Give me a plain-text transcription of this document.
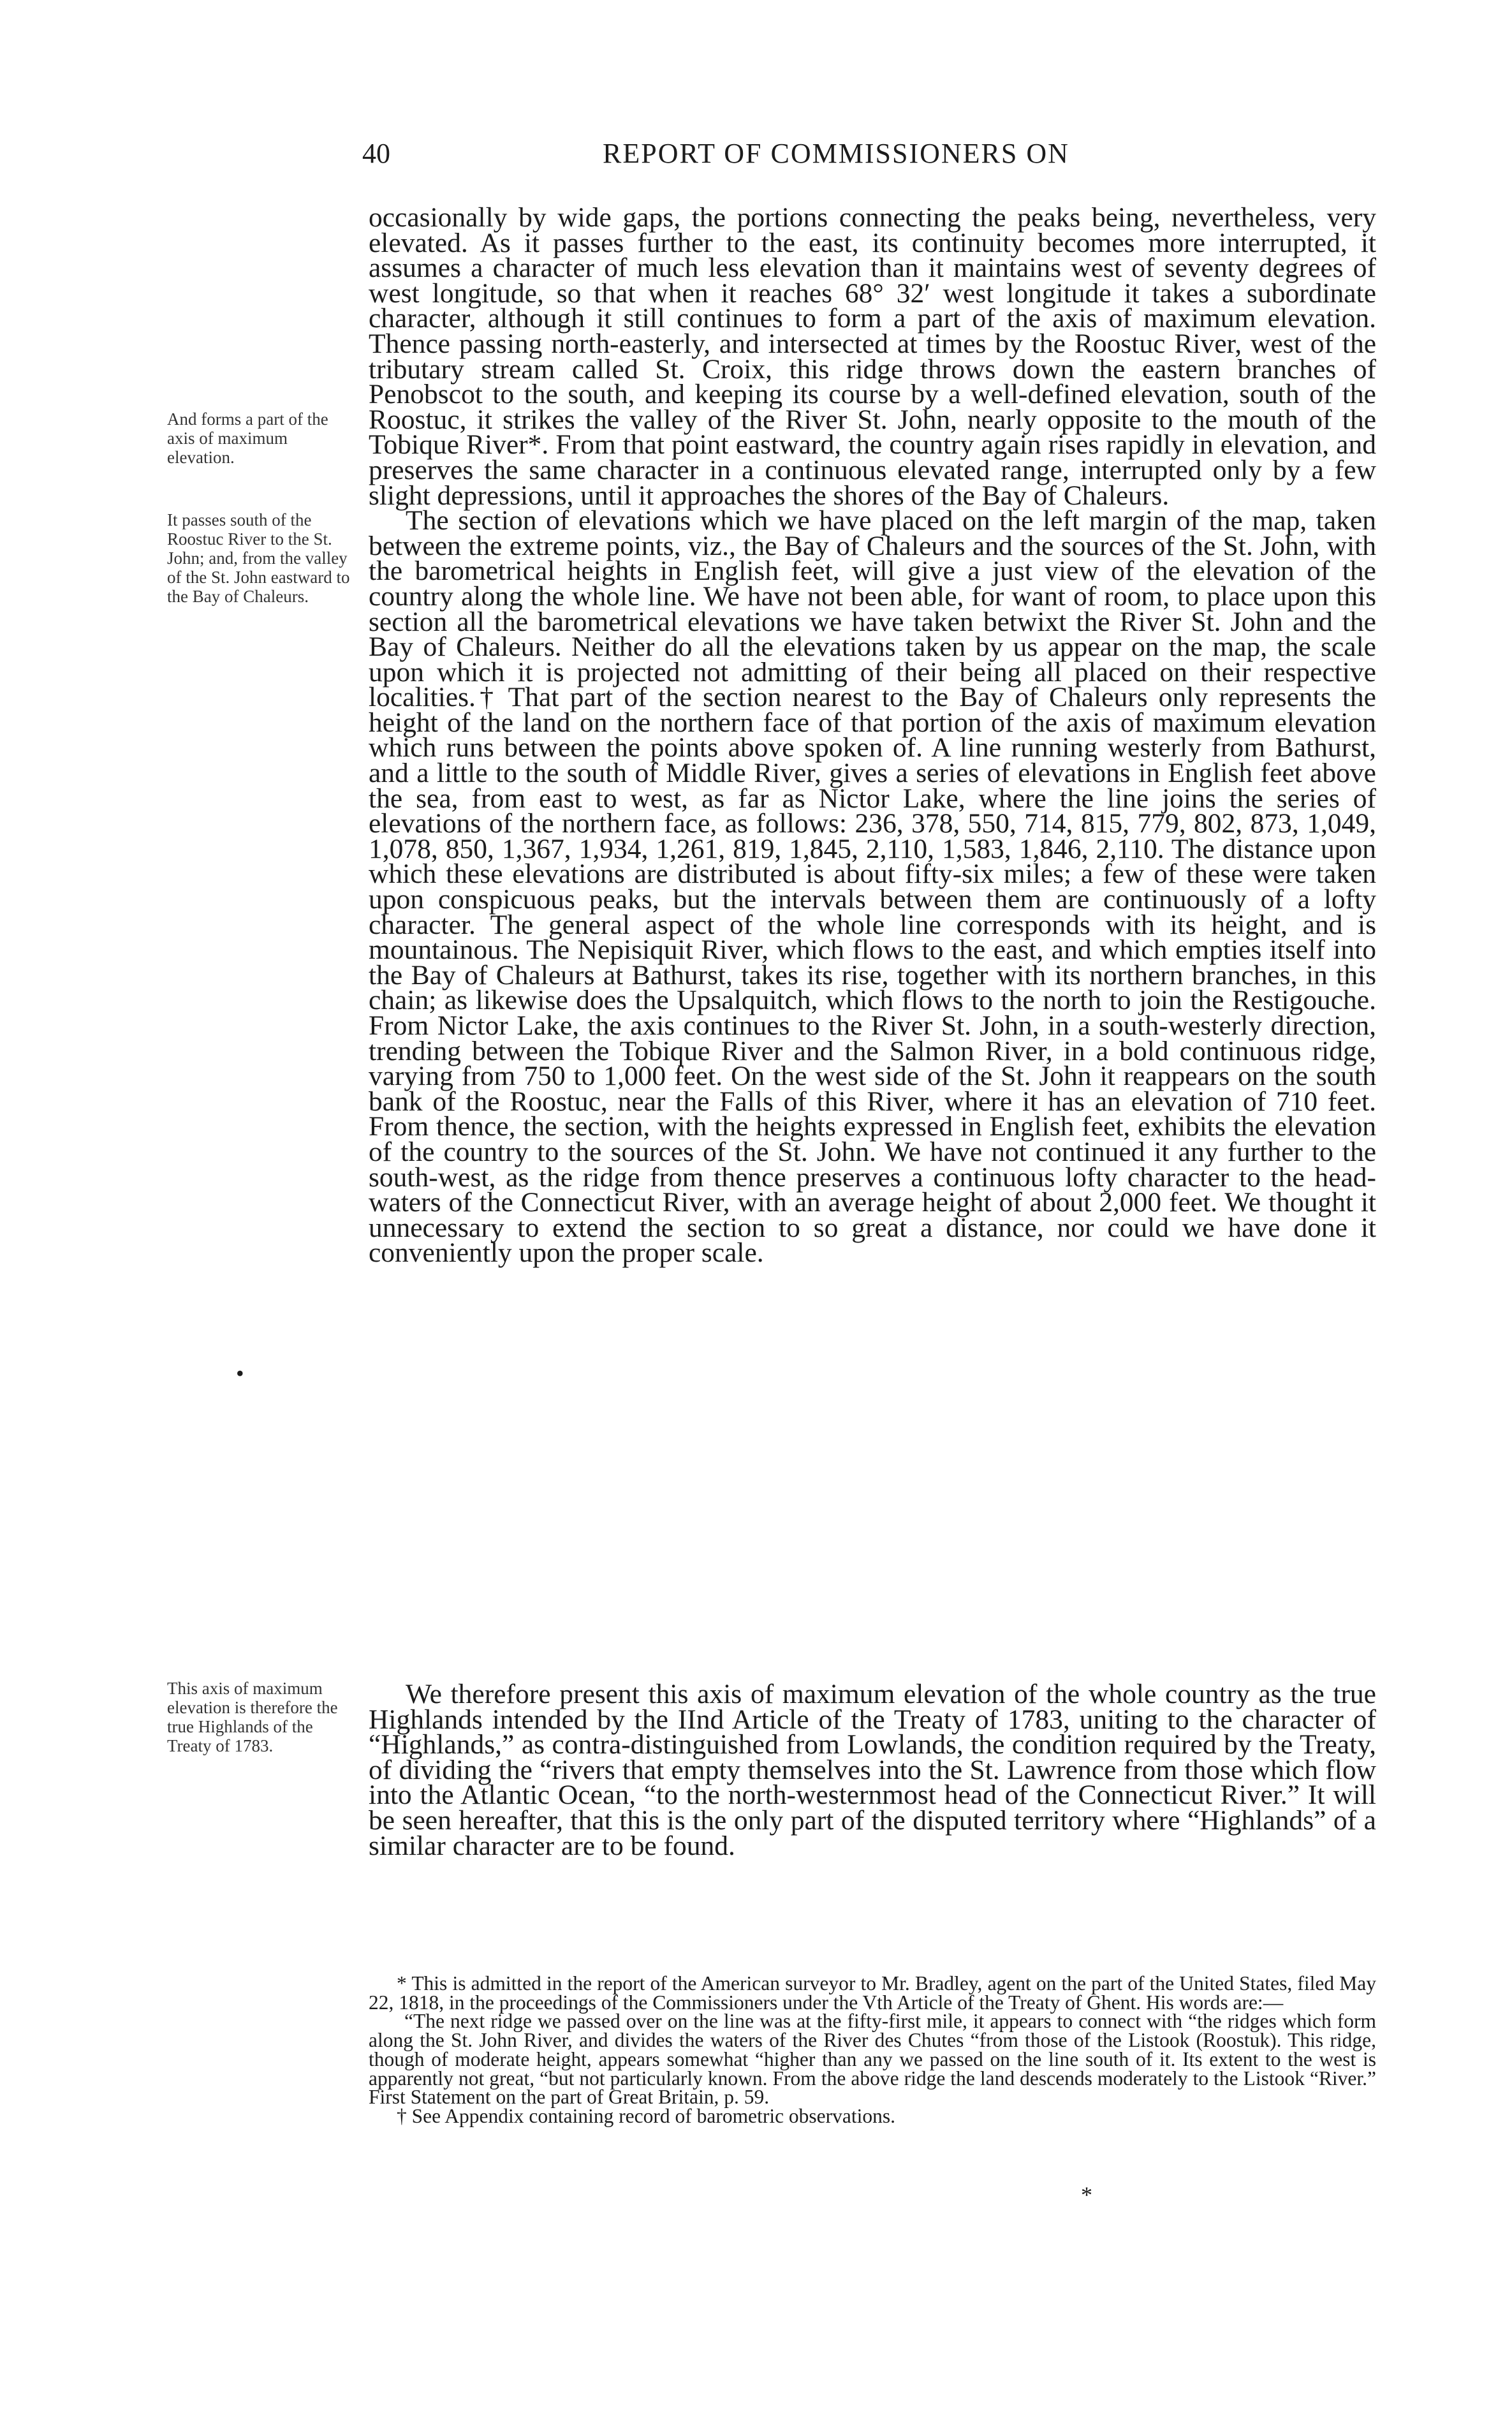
40	REPORT OF COMMISSIONERS ON
And forms a part of the axis of maximum elevation.
It passes south of the Roostuc River to the St. John; and, from the valley of the St. John eastward to the Bay of Chaleurs.
This axis of maximum elevation is therefore the true Highlands of the Treaty of 1783.
•

occasionally by wide gaps, the portions connecting the peaks being, nevertheless, very elevated. As it passes further to the east, its continuity becomes more interrupted, it assumes a character of much less elevation than it maintains west of seventy degrees of west longitude, so that when it reaches 68° 32′ west longitude it takes a subordinate character, although it still continues to form a part of the axis of maximum elevation. Thence passing north-easterly, and intersected at times by the Roostuc River, west of the tributary stream called St. Croix, this ridge throws down the eastern branches of Penobscot to the south, and keeping its course by a well-defined elevation, south of the Roostuc, it strikes the valley of the River St. John, nearly opposite to the mouth of the Tobique River*. From that point eastward, the country again rises rapidly in elevation, and preserves the same character in a continuous elevated range, interrupted only by a few slight depressions, until it approaches the shores of the Bay of Chaleurs.

The section of elevations which we have placed on the left margin of the map, taken between the extreme points, viz., the Bay of Chaleurs and the sources of the St. John, with the barometrical heights in English feet, will give a just view of the elevation of the country along the whole line. We have not been able, for want of room, to place upon this section all the barometrical elevations we have taken betwixt the River St. John and the Bay of Chaleurs. Neither do all the elevations taken by us appear on the map, the scale upon which it is projected not admitting of their being all placed on their respective localities.† That part of the section nearest to the Bay of Chaleurs only represents the height of the land on the northern face of that portion of the axis of maximum elevation which runs between the points above spoken of. A line running westerly from Bathurst, and a little to the south of Middle River, gives a series of elevations in English feet above the sea, from east to west, as far as Nictor Lake, where the line joins the series of elevations of the northern face, as follows: 236, 378, 550, 714, 815, 779, 802, 873, 1,049, 1,078, 850, 1,367, 1,934, 1,261, 819, 1,845, 2,110, 1,583, 1,846, 2,110. The distance upon which these elevations are distributed is about fifty-six miles; a few of these were taken upon conspicuous peaks, but the intervals between them are continuously of a lofty character. The general aspect of the whole line corresponds with its height, and is mountainous. The Nepisiquit River, which flows to the east, and which empties itself into the Bay of Chaleurs at Bathurst, takes its rise, together with its northern branches, in this chain; as likewise does the Upsalquitch, which flows to the north to join the Restigouche. From Nictor Lake, the axis continues to the River St. John, in a south-westerly direction, trending between the Tobique River and the Salmon River, in a bold continuous ridge, varying from 750 to 1,000 feet. On the west side of the St. John it reappears on the south bank of the Roostuc, near the Falls of this River, where it has an elevation of 710 feet. From thence, the section, with the heights expressed in English feet, exhibits the elevation of the country to the sources of the St. John. We have not continued it any further to the south-west, as the ridge from thence preserves a continuous lofty character to the head-waters of the Connecticut River, with an average height of about 2,000 feet. We thought it unnecessary to extend the section to so great a distance, nor could we have done it conveniently upon the proper scale.

We therefore present this axis of maximum elevation of the whole country as the true Highlands intended by the IInd Article of the Treaty of 1783, uniting to the character of “Highlands,” as contra-distinguished from Lowlands, the condition required by the Treaty, of dividing the “rivers that empty themselves into the St. Lawrence from those which flow into the Atlantic Ocean, “to the north-westernmost head of the Connecticut River.” It will be seen hereafter, that this is the only part of the disputed territory where “Highlands” of a similar character are to be found.

* This is admitted in the report of the American surveyor to Mr. Bradley, agent on the part of the United States, filed May 22, 1818, in the proceedings of the Commissioners under the Vth Article of the Treaty of Ghent. His words are:—

“The next ridge we passed over on the line was at the fifty-first mile, it appears to connect with “the ridges which form along the St. John River, and divides the waters of the River des Chutes “from those of the Listook (Roostuk). This ridge, though of moderate height, appears somewhat “higher than any we passed on the line south of it. Its extent to the west is apparently not great, “but not particularly known. From the above ridge the land descends moderately to the Listook “River.” First Statement on the part of Great Britain, p. 59.

† See Appendix containing record of barometric observations.

*
